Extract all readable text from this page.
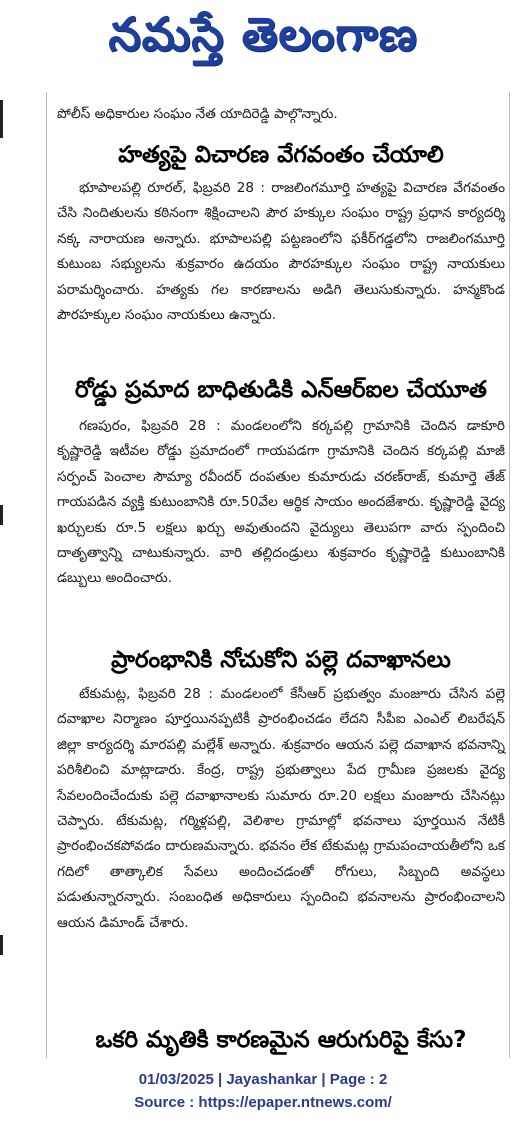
నమస్తే తెలంగాణ

పోలీస్ అధికారుల సంఘం నేత యాదిరెడ్డి పాల్గొన్నారు.

హత్యపై విచారణ వేగవంతం చేయాలి

భూపాలపల్లి రూరల్, ఫిబ్రవరి 28 : రాజలింగమూర్తి హత్యపై విచారణ వేగవంతం చేసి నిందితులను కఠినంగా శిక్షించాలని పౌర హక్కుల సంఘం రాష్ట్ర ప్రధాన కార్యదర్శి నక్క నారాయణ అన్నారు. భూపాలపల్లి పట్టణంలోని ఫకీర్‌గడ్డలోని రాజలింగమూర్తి కుటుంబ సభ్యులను శుక్రవారం ఉదయం పౌరహక్కుల సంఘం రాష్ట్ర నాయకులు పరామర్శించారు. హత్యకు గల కారణాలను అడిగి తెలుసుకున్నారు. హన్మకొండ పౌరహక్కుల సంఘం నాయకులు ఉన్నారు.

రోడ్డు ప్రమాద బాధితుడికి ఎన్‌ఆర్‌ఐల చేయూత

గణపురం, ఫిబ్రవరి 28 : మండలంలోని కర్కపల్లి గ్రామానికి చెందిన డాకూరి కృష్ణారెడ్డి ఇటీవల రోడ్డు ప్రమాదంలో గాయపడగా గ్రామానికి చెందిన కర్కపల్లి మాజీ సర్పంచ్ పెంచాల సౌమ్యా రవీందర్ దంపతుల కుమారుడు చరణ్‌రాజ్, కుమార్తె తేజ్ గాయపడిన వ్యక్తి కుటుంబానికి రూ.50వేల ఆర్థిక సాయం అందజేశారు. కృష్ణారెడ్డి వైద్య ఖర్చులకు రూ.5 లక్షలు ఖర్చు అవుతుందని వైద్యులు తెలుపగా వారు స్పందించి దాతృత్వాన్ని చాటుకున్నారు. వారి తల్లిదండ్రులు శుక్రవారం కృష్ణారెడ్డి కుటుంబానికి డబ్బులు అందించారు.

ప్రారంభానికి నోచుకోని పల్లె దవాఖానలు

టేకుమట్ల, ఫిబ్రవరి 28 : మండలంలో కేసీఆర్ ప్రభుత్వం మంజూరు చేసిన పల్లె దవాఖాల నిర్మాణం పూర్తయినప్పటికీ ప్రారంభించడం లేదని సీపీఐ ఎంఎల్ లిబరేషన్ జిల్లా కార్యదర్శి మారపల్లి మల్లేశ్ అన్నారు. శుక్రవారం ఆయన పల్లె దవాఖాన భవనాన్ని పరిశీలించి మాట్లాడారు. కేంద్ర, రాష్ట్ర ప్రభుత్వాలు పేద గ్రామీణ ప్రజలకు వైద్య సేవలందించేందుకు పల్లె దవాఖానాలకు సుమారు రూ.20 లక్షలు మంజూరు చేసినట్లు చెప్పారు. టేకుమట్ల, గర్మిళ్లపల్లి, వెలిశాల గ్రామాల్లో భవనాలు పూర్తయిన నేటికీ ప్రారంభించకపోవడం దారుణమన్నారు. భవనం లేక టేకుమట్ల గ్రామపంచాయతీలోని ఒక గదిలో తాత్కాలిక సేవలు అందించడంతో రోగులు, సిబ్బంది అవస్థలు పడుతున్నారన్నారు. సంబంధిత అధికారులు స్పందించి భవనాలను ప్రారంభించాలని ఆయన డిమాండ్ చేశారు.

ఒకరి మృతికి కారణమైన ఆరుగురిపై కేసు?

01/03/2025 | Jayashankar | Page : 2
Source : https://epaper.ntnews.com/
